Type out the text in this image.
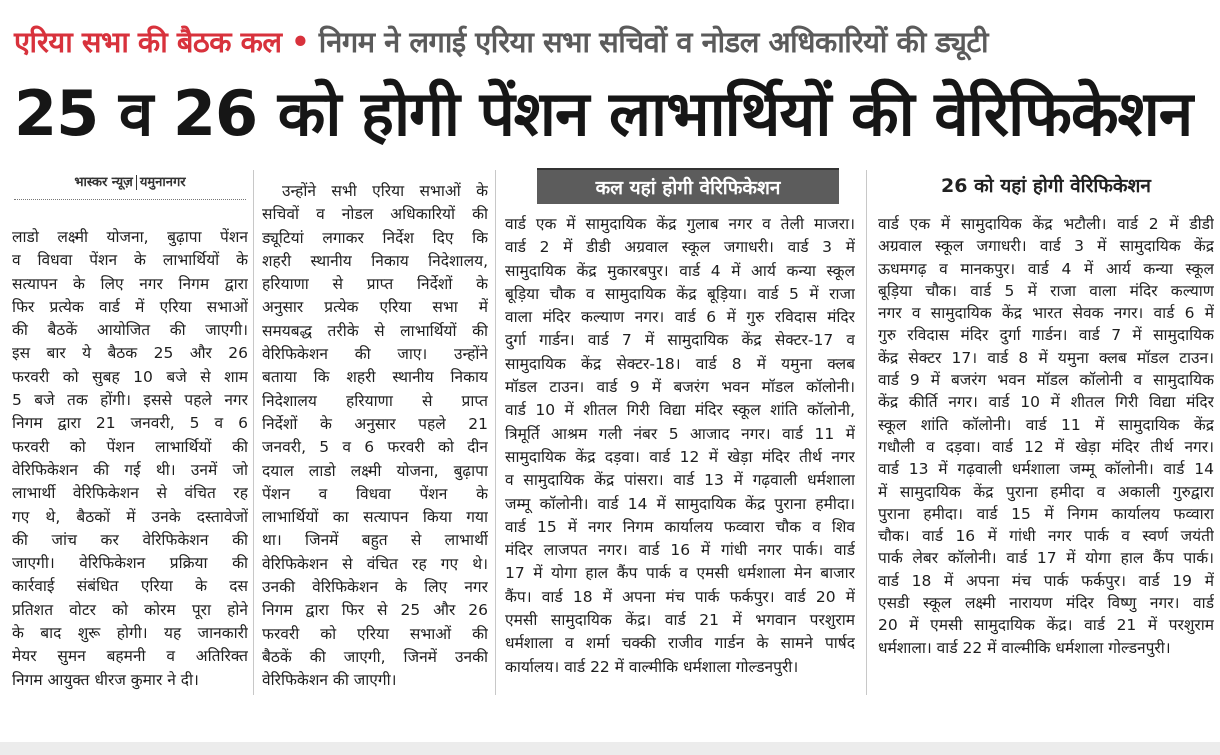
एरिया सभा की बैठक कल • निगम ने लगाई एरिया सभा सचिवों व नोडल अधिकारियों की ड्यूटी
25 व 26 को होगी पेंशन लाभार्थियों की वेरिफिकेशन
भास्कर न्यूज़ यमुनानगर
लाडो लक्ष्मी योजना, बुढ़ापा पेंशन
व विधवा पेंशन के लाभार्थियों के
सत्यापन के लिए नगर निगम द्वारा
फिर प्रत्येक वार्ड में एरिया सभाओं
की बैठकें आयोजित की जाएगी।
इस बार ये बैठक 25 और 26
फरवरी को सुबह 10 बजे से शाम
5 बजे तक होंगी। इससे पहले नगर
निगम द्वारा 21 जनवरी, 5 व 6
फरवरी को पेंशन लाभार्थियों की
वेरिफिकेशन की गई थी। उनमें जो
लाभार्थी वेरिफिकेशन से वंचित रह
गए थे, बैठकों में उनके दस्तावेजों
की जांच कर वेरिफिकेशन की
जाएगी। वेरिफिकेशन प्रक्रिया की
कार्रवाई संबंधित एरिया के दस
प्रतिशत वोटर को कोरम पूरा होने
के बाद शुरू होगी। यह जानकारी
मेयर सुमन बहमनी व अतिरिक्त
निगम आयुक्त धीरज कुमार ने दी।
उन्होंने सभी एरिया सभाओं के
सचिवों व नोडल अधिकारियों की
ड्यूटियां लगाकर निर्देश दिए कि
शहरी स्थानीय निकाय निदेशालय,
हरियाणा से प्राप्त निर्देशों के
अनुसार प्रत्येक एरिया सभा में
समयबद्ध तरीके से लाभार्थियों की
वेरिफिकेशन की जाए। उन्होंने
बताया कि शहरी स्थानीय निकाय
निदेशालय हरियाणा से प्राप्त
निर्देशों के अनुसार पहले 21
जनवरी, 5 व 6 फरवरी को दीन
दयाल लाडो लक्ष्मी योजना, बुढ़ापा
पेंशन व विधवा पेंशन के
लाभार्थियों का सत्यापन किया गया
था। जिनमें बहुत से लाभार्थी
वेरिफिकेशन से वंचित रह गए थे।
उनकी वेरिफिकेशन के लिए नगर
निगम द्वारा फिर से 25 और 26
फरवरी को एरिया सभाओं की
बैठकें की जाएगी, जिनमें उनकी
वेरिफिकेशन की जाएगी।
कल यहां होगी वेरिफिकेशन
वार्ड एक में सामुदायिक केंद्र गुलाब नगर व तेली माजरा।
वार्ड 2 में डीडी अग्रवाल स्कूल जगाधरी। वार्ड 3 में
सामुदायिक केंद्र मुकारबपुर। वार्ड 4 में आर्य कन्या स्कूल
बूड़िया चौक व सामुदायिक केंद्र बूड़िया। वार्ड 5 में राजा
वाला मंदिर कल्याण नगर। वार्ड 6 में गुरु रविदास मंदिर
दुर्गा गार्डन। वार्ड 7 में सामुदायिक केंद्र सेक्टर-17 व
सामुदायिक केंद्र सेक्टर-18। वार्ड 8 में यमुना क्लब
मॉडल टाउन। वार्ड 9 में बजरंग भवन मॉडल कॉलोनी।
वार्ड 10 में शीतल गिरी विद्या मंदिर स्कूल शांति कॉलोनी,
त्रिमूर्ति आश्रम गली नंबर 5 आजाद नगर। वार्ड 11 में
सामुदायिक केंद्र दड़वा। वार्ड 12 में खेड़ा मंदिर तीर्थ नगर
व सामुदायिक केंद्र पांसरा। वार्ड 13 में गढ़वाली धर्मशाला
जम्मू कॉलोनी। वार्ड 14 में सामुदायिक केंद्र पुराना हमीदा।
वार्ड 15 में नगर निगम कार्यालय फव्वारा चौक व शिव
मंदिर लाजपत नगर। वार्ड 16 में गांधी नगर पार्क। वार्ड
17 में योगा हाल कैंप पार्क व एमसी धर्मशाला मेन बाजार
कैंप। वार्ड 18 में अपना मंच पार्क फर्कपुर। वार्ड 20 में
एमसी सामुदायिक केंद्र। वार्ड 21 में भगवान परशुराम
धर्मशाला व शर्मा चक्की राजीव गार्डन के सामने पार्षद
कार्यालय। वार्ड 22 में वाल्मीकि धर्मशाला गोल्डनपुरी।
26 को यहां होगी वेरिफिकेशन
वार्ड एक में सामुदायिक केंद्र भटौली। वार्ड 2 में डीडी
अग्रवाल स्कूल जगाधरी। वार्ड 3 में सामुदायिक केंद्र
ऊधमगढ़ व मानकपुर। वार्ड 4 में आर्य कन्या स्कूल
बूड़िया चौक। वार्ड 5 में राजा वाला मंदिर कल्याण
नगर व सामुदायिक केंद्र भारत सेवक नगर। वार्ड 6 में
गुरु रविदास मंदिर दुर्गा गार्डन। वार्ड 7 में सामुदायिक
केंद्र सेक्टर 17। वार्ड 8 में यमुना क्लब मॉडल टाउन।
वार्ड 9 में बजरंग भवन मॉडल कॉलोनी व सामुदायिक
केंद्र कीर्ति नगर। वार्ड 10 में शीतल गिरी विद्या मंदिर
स्कूल शांति कॉलोनी। वार्ड 11 में सामुदायिक केंद्र
गधौली व दड़वा। वार्ड 12 में खेड़ा मंदिर तीर्थ नगर।
वार्ड 13 में गढ़वाली धर्मशाला जम्मू कॉलोनी। वार्ड 14
में सामुदायिक केंद्र पुराना हमीदा व अकाली गुरुद्वारा
पुराना हमीदा। वार्ड 15 में निगम कार्यालय फव्वारा
चौक। वार्ड 16 में गांधी नगर पार्क व स्वर्ण जयंती
पार्क लेबर कॉलोनी। वार्ड 17 में योगा हाल कैंप पार्क।
वार्ड 18 में अपना मंच पार्क फर्कपुर। वार्ड 19 में
एसडी स्कूल लक्ष्मी नारायण मंदिर विष्णु नगर। वार्ड
20 में एमसी सामुदायिक केंद्र। वार्ड 21 में परशुराम
धर्मशाला। वार्ड 22 में वाल्मीकि धर्मशाला गोल्डनपुरी।
